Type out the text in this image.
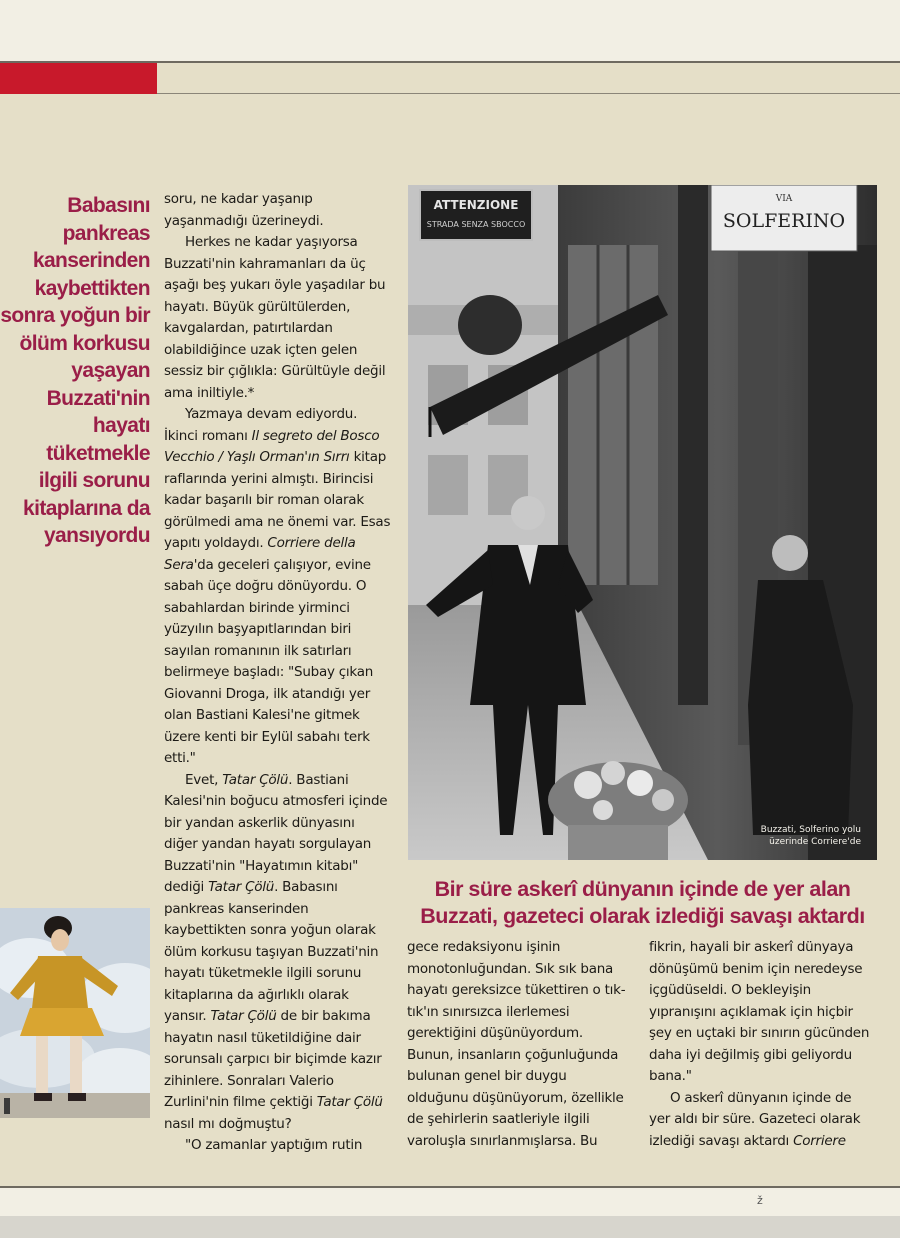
Babasını
pankreas
kanserinden
kaybettikten
sonra yoğun bir
ölüm korkusu
yaşayan
Buzzati'nin
hayatı
tüketmekle
ilgili sorunu
kitaplarına da
yansıyordu
soru, ne kadar yaşanıp
yaşanmadığı üzerineydi.
Herkes ne kadar yaşıyorsa
Buzzati'nin kahramanları da üç
aşağı beş yukarı öyle yaşadılar bu
hayatı. Büyük gürültülerden,
kavgalardan, patırtılardan
olabildiğince uzak içten gelen
sessiz bir çığlıkla: Gürültüyle değil
ama iniltiyle.*
Yazmaya devam ediyordu.
İkinci romanı Il segreto del Bosco
Vecchio / Yaşlı Orman'ın Sırrı kitap
raflarında yerini almıştı. Birincisi
kadar başarılı bir roman olarak
görülmedi ama ne önemi var. Esas
yapıtı yoldaydı. Corriere della
Sera'da geceleri çalışıyor, evine
sabah üçe doğru dönüyordu. O
sabahlardan birinde yirminci
yüzyılın başyapıtlarından biri
sayılan romanının ilk satırları
belirmeye başladı: "Subay çıkan
Giovanni Droga, ilk atandığı yer
olan Bastiani Kalesi'ne gitmek
üzere kenti bir Eylül sabahı terk
etti."
Evet, Tatar Çölü. Bastiani
Kalesi'nin boğucu atmosferi içinde
bir yandan askerlik dünyasını
diğer yandan hayatı sorgulayan
Buzzati'nin "Hayatımın kitabı"
dediği Tatar Çölü. Babasını
pankreas kanserinden
kaybettikten sonra yoğun olarak
ölüm korkusu taşıyan Buzzati'nin
hayatı tüketmekle ilgili sorunu
kitaplarına da ağırlıklı olarak
yansır. Tatar Çölü de bir bakıma
hayatın nasıl tüketildiğine dair
sorunsalı çarpıcı bir biçimde kazır
zihinlere. Sonraları Valerio
Zurlini'nin filme çektiği Tatar Çölü
nasıl mı doğmuştu?
"O zamanlar yaptığım rutin
ATTENZIONE
STRADA SENZA SBOCCO
VIA
SOLFERINO
Buzzati, Solferino yolu
üzerinde Corriere'de
Bir süre askerî dünyanın içinde de yer alan
Buzzati, gazeteci olarak izlediği savaşı aktardı
gece redaksiyonu işinin
monotonluğundan. Sık sık bana
hayatı gereksizce tükettiren o tık-
tık'ın sınırsızca ilerlemesi
gerektiğini düşünüyordum.
Bunun, insanların çoğunluğunda
bulunan genel bir duygu
olduğunu düşünüyorum, özellikle
de şehirlerin saatleriyle ilgili
varoluşla sınırlanmışlarsa. Bu
fikrin, hayali bir askerî dünyaya
dönüşümü benim için neredeyse
içgüdüseldi. O bekleyişin
yıpranışını açıklamak için hiçbir
şey en uçtaki bir sınırın gücünden
daha iyi değilmiş gibi geliyordu
bana."
O askerî dünyanın içinde de
yer aldı bir süre. Gazeteci olarak
izlediği savaşı aktardı Corriere
ž
